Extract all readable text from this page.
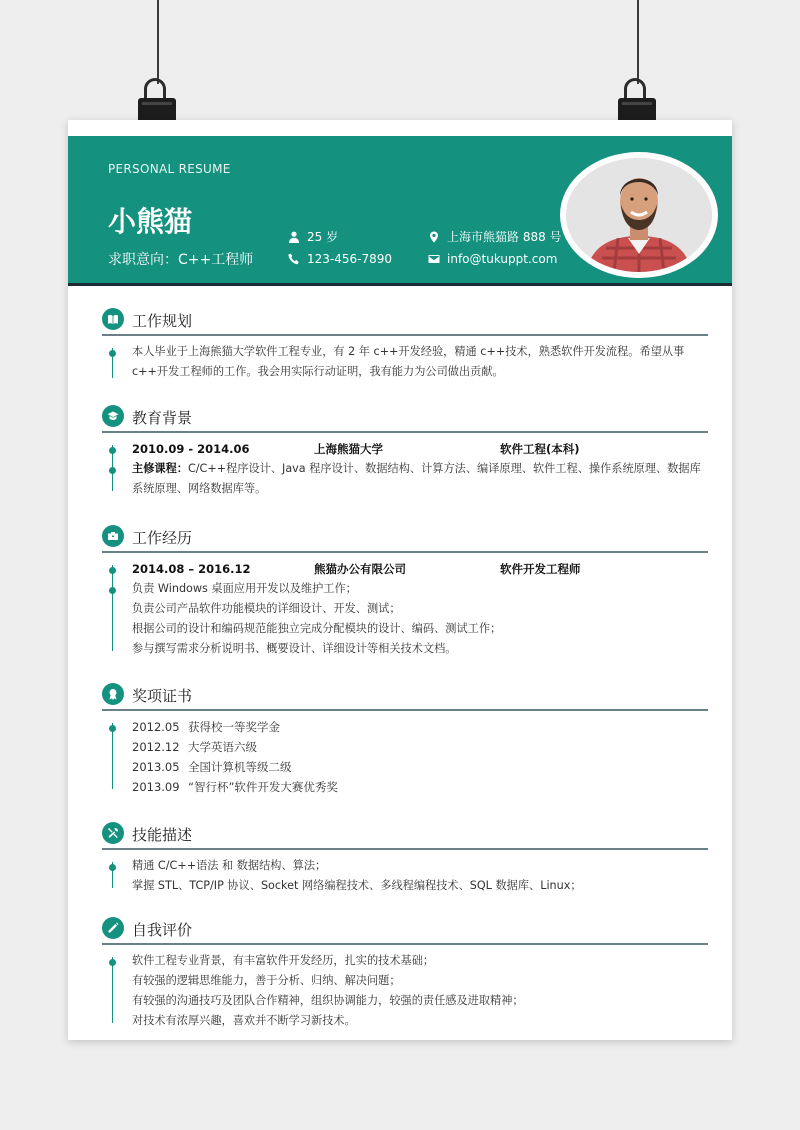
PERSONAL RESUME
小熊猫
求职意向：C++工程师
25 岁
123-456-7890
上海市熊猫路 888 号
info@tukuppt.com
工作规划
本人毕业于上海熊猫大学软件工程专业，有 2 年 c++开发经验，精通 c++技术，熟悉软件开发流程。希望从事 c++开发工程师的工作。我会用实际行动证明，我有能力为公司做出贡献。
教育背景
2010.09 - 2014.06	上海熊猫大学	软件工程(本科)
主修课程：C/C++程序设计、Java 程序设计、数据结构、计算方法、编译原理、软件工程、操作系统原理、数据库系统原理、网络数据库等。
工作经历
2014.08 – 2016.12	熊猫办公有限公司	软件开发工程师
负责 Windows 桌面应用开发以及维护工作；
负责公司产品软件功能模块的详细设计、开发、测试；
根据公司的设计和编码规范能独立完成分配模块的设计、编码、测试工作；
参与撰写需求分析说明书、概要设计、详细设计等相关技术文档。
奖项证书
2012.05 获得校一等奖学金
2012.12 大学英语六级
2013.05 全国计算机等级二级
2013.09 “智行杯”软件开发大赛优秀奖
技能描述
精通 C/C++语法 和 数据结构、算法；
掌握 STL、TCP/IP 协议、Socket 网络编程技术、多线程编程技术、SQL 数据库、Linux；
自我评价
软件工程专业背景，有丰富软件开发经历，扎实的技术基础；
有较强的逻辑思维能力，善于分析、归纳、解决问题；
有较强的沟通技巧及团队合作精神，组织协调能力，较强的责任感及进取精神；
对技术有浓厚兴趣，喜欢并不断学习新技术。
